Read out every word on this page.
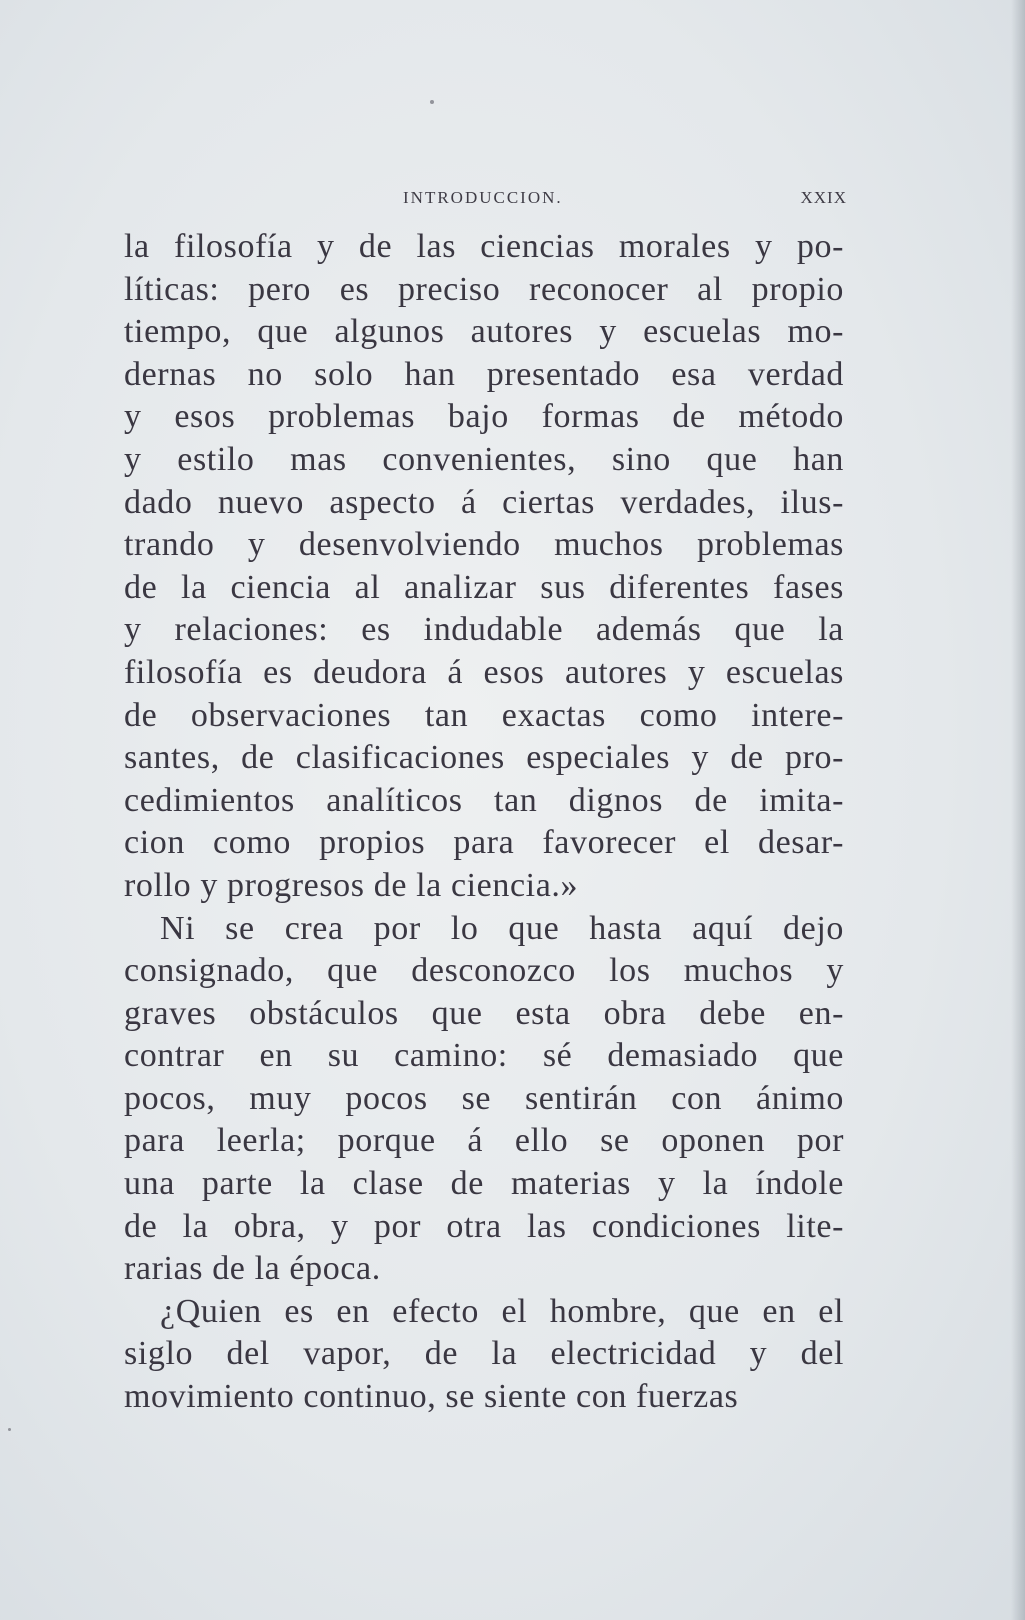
INTRODUCCION.	XXIX
la filosofía y de las ciencias morales y po-
líticas: pero es preciso reconocer al propio
tiempo, que algunos autores y escuelas mo-
dernas no solo han presentado esa verdad
y esos problemas bajo formas de método
y estilo mas convenientes, sino que han
dado nuevo aspecto á ciertas verdades, ilus-
trando y desenvolviendo muchos problemas
de la ciencia al analizar sus diferentes fases
y relaciones: es indudable además que la
filosofía es deudora á esos autores y escuelas
de observaciones tan exactas como intere-
santes, de clasificaciones especiales y de pro-
cedimientos analíticos tan dignos de imita-
cion como propios para favorecer el desar-
rollo y progresos de la ciencia.»
Ni se crea por lo que hasta aquí dejo
consignado, que desconozco los muchos y
graves obstáculos que esta obra debe en-
contrar en su camino: sé demasiado que
pocos, muy pocos se sentirán con ánimo
para leerla; porque á ello se oponen por
una parte la clase de materias y la índole
de la obra, y por otra las condiciones lite-
rarias de la época.
¿Quien es en efecto el hombre, que en el
siglo del vapor, de la electricidad y del
movimiento continuo, se siente con fuerzas
